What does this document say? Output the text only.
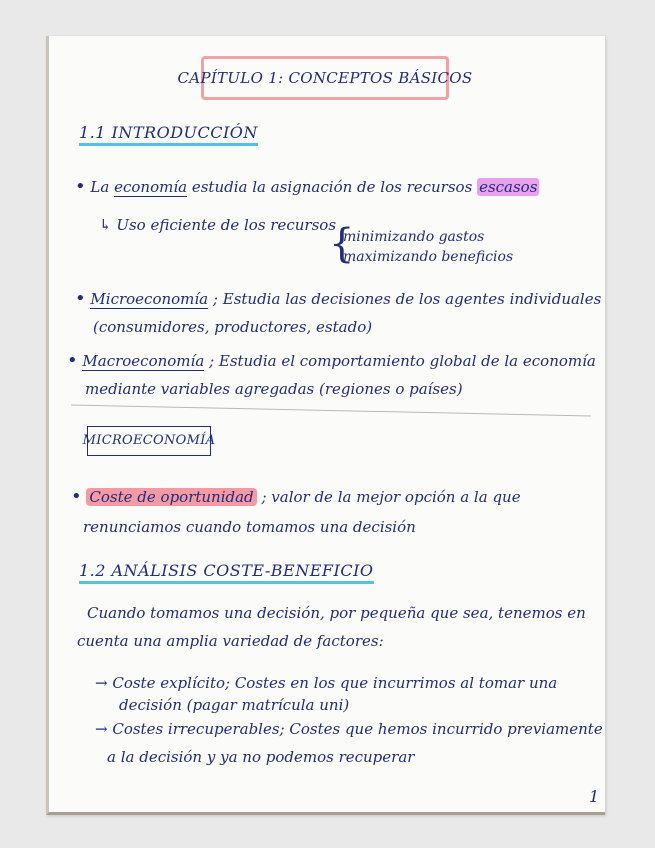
CAPÍTULO 1: CONCEPTOS BÁSICOS
1.1 INTRODUCCIÓN
• La economía estudia la asignación de los recursos escasos
↳ Uso eficiente de los recursos
{
minimizando gastos
maximizando beneficios
• Microeconomía ; Estudia las decisiones de los agentes individuales
(consumidores, productores, estado)
• Macroeconomía ; Estudia el comportamiento global de la economía
mediante variables agregadas (regiones o países)
MICROECONOMÍA
• Coste de oportunidad ; valor de la mejor opción a la que
renunciamos cuando tomamos una decisión
1.2 ANÁLISIS COSTE-BENEFICIO
Cuando tomamos una decisión, por pequeña que sea, tenemos en
cuenta una amplia variedad de factores:
→ Coste explícito; Costes en los que incurrimos al tomar una
decisión (pagar matrícula uni)
→ Costes irrecuperables; Costes que hemos incurrido previamente
a la decisión y ya no podemos recuperar
1
